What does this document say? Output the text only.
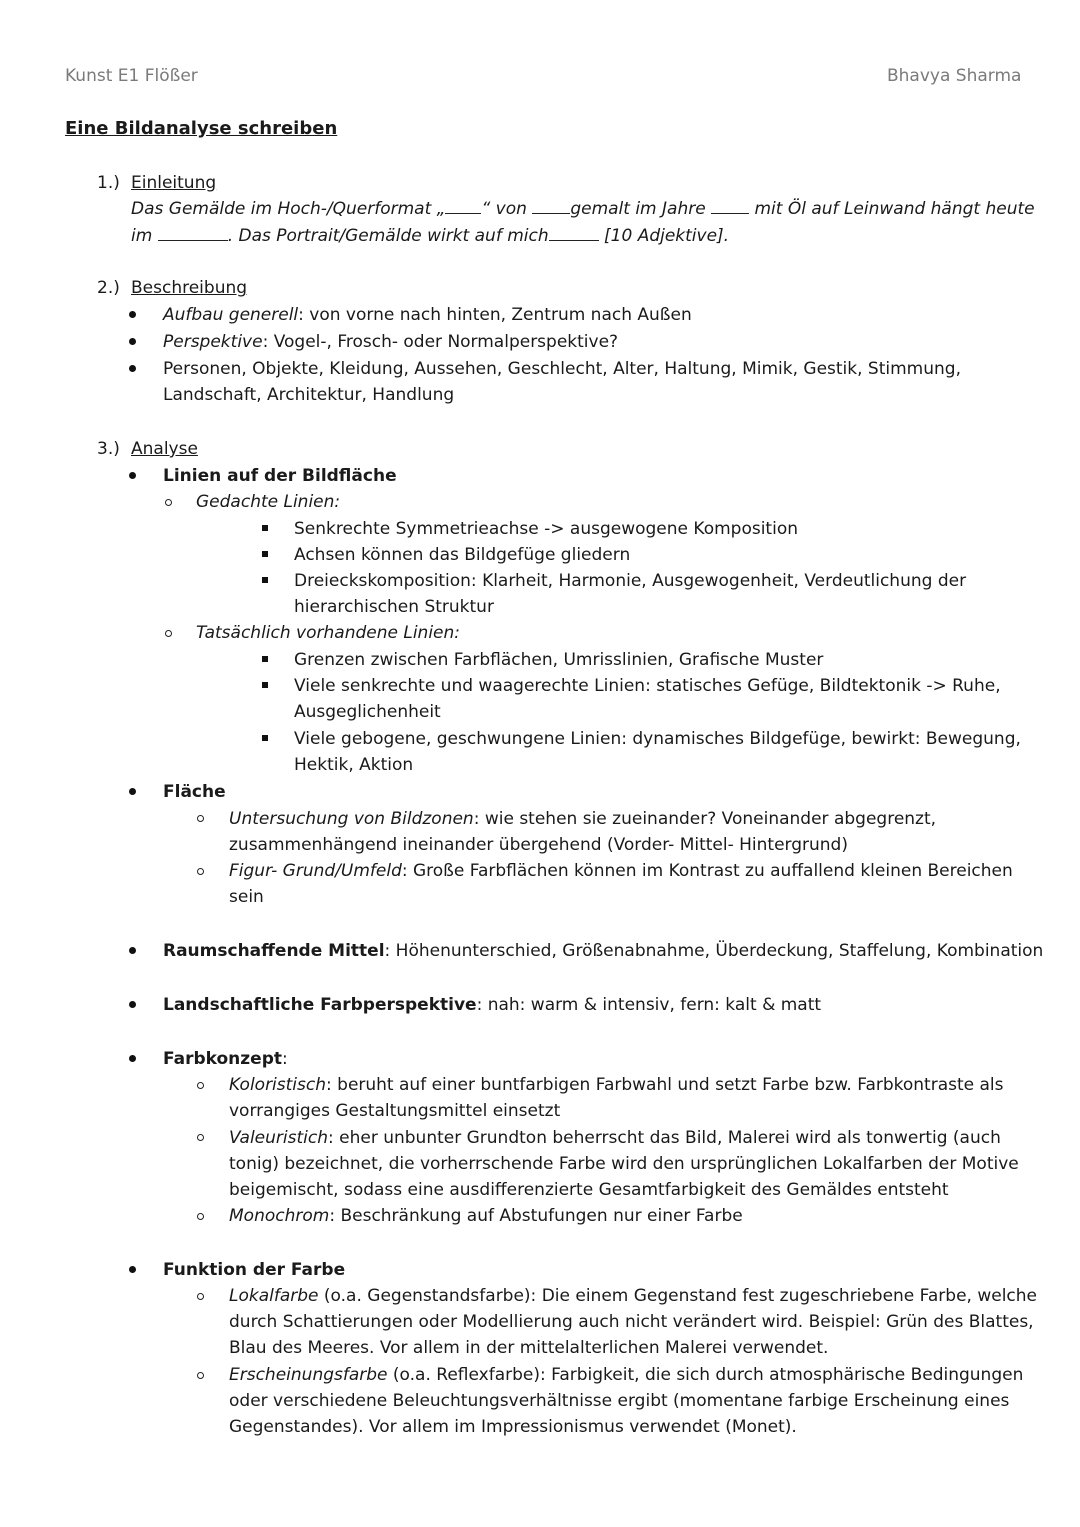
Kunst E1 Flößer	Bhavya Sharma
Eine Bildanalyse schreiben
1.) Einleitung
Das Gemälde im Hoch-/Querformat „ “ von	gemalt im Jahre	mit Öl auf Leinwand hängt heute
im	. Das Portrait/Gemälde wirkt auf mich	[10 Adjektive].
2.) Beschreibung
Aufbau generell: von vorne nach hinten, Zentrum nach Außen
Perspektive: Vogel-, Frosch- oder Normalperspektive?
Personen, Objekte, Kleidung, Aussehen, Geschlecht, Alter, Haltung, Mimik, Gestik, Stimmung,
Landschaft, Architektur, Handlung
3.) Analyse
Linien auf der Bildfläche
Gedachte Linien:
Senkrechte Symmetrieachse -> ausgewogene Komposition
Achsen können das Bildgefüge gliedern
Dreieckskomposition: Klarheit, Harmonie, Ausgewogenheit, Verdeutlichung der
hierarchischen Struktur
Tatsächlich vorhandene Linien:
Grenzen zwischen Farbflächen, Umrisslinien, Grafische Muster
Viele senkrechte und waagerechte Linien: statisches Gefüge, Bildtektonik -> Ruhe,
Ausgeglichenheit
Viele gebogene, geschwungene Linien: dynamisches Bildgefüge, bewirkt: Bewegung,
Hektik, Aktion
Fläche
Untersuchung von Bildzonen: wie stehen sie zueinander? Voneinander abgegrenzt,
zusammenhängend ineinander übergehend (Vorder- Mittel- Hintergrund)
Figur- Grund/Umfeld: Große Farbflächen können im Kontrast zu auffallend kleinen Bereichen
sein
Raumschaffende Mittel: Höhenunterschied, Größenabnahme, Überdeckung, Staffelung, Kombination
Landschaftliche Farbperspektive: nah: warm & intensiv, fern: kalt & matt
Farbkonzept:
Koloristisch: beruht auf einer buntfarbigen Farbwahl und setzt Farbe bzw. Farbkontraste als
vorrangiges Gestaltungsmittel einsetzt
Valeuristich: eher unbunter Grundton beherrscht das Bild, Malerei wird als tonwertig (auch
tonig) bezeichnet, die vorherrschende Farbe wird den ursprünglichen Lokalfarben der Motive
beigemischt, sodass eine ausdifferenzierte Gesamtfarbigkeit des Gemäldes entsteht
Monochrom: Beschränkung auf Abstufungen nur einer Farbe
Funktion der Farbe
Lokalfarbe (o.a. Gegenstandsfarbe): Die einem Gegenstand fest zugeschriebene Farbe, welche
durch Schattierungen oder Modellierung auch nicht verändert wird. Beispiel: Grün des Blattes,
Blau des Meeres. Vor allem in der mittelalterlichen Malerei verwendet.
Erscheinungsfarbe (o.a. Reflexfarbe): Farbigkeit, die sich durch atmosphärische Bedingungen
oder verschiedene Beleuchtungsverhältnisse ergibt (momentane farbige Erscheinung eines
Gegenstandes). Vor allem im Impressionismus verwendet (Monet).
